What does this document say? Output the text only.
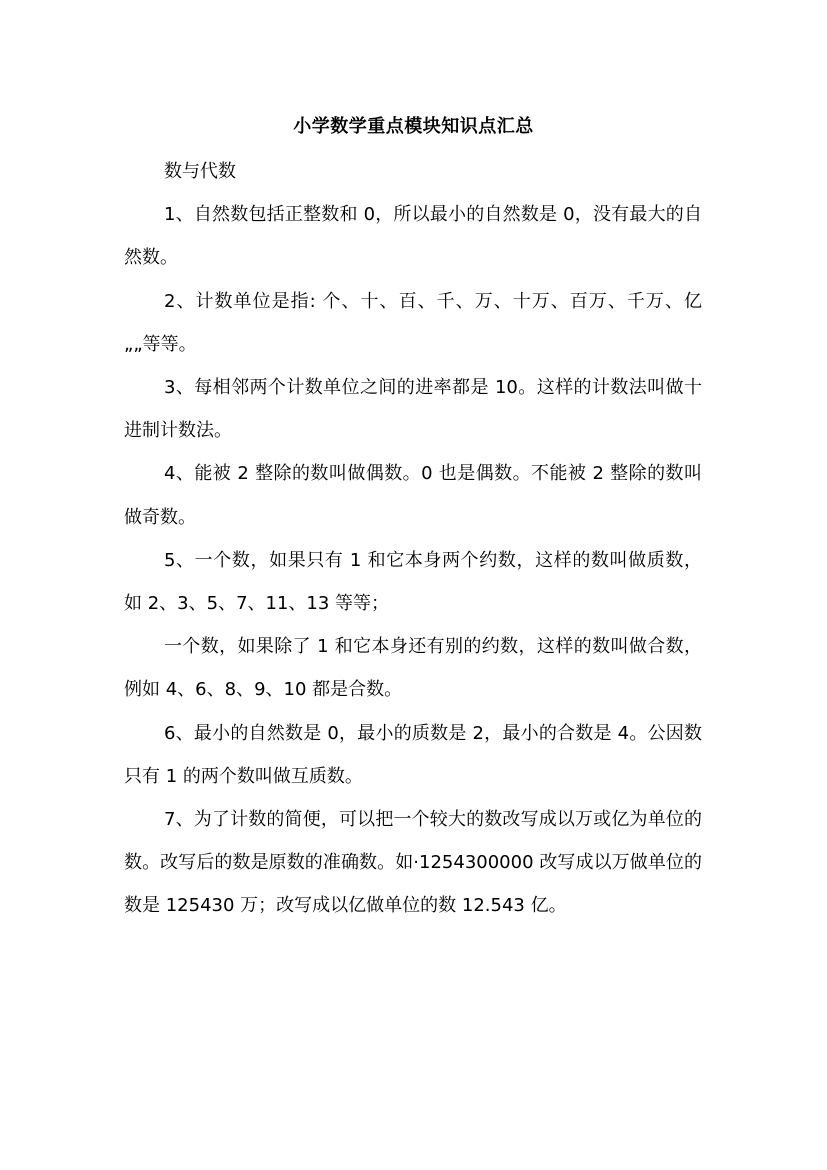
小学数学重点模块知识点汇总

数与代数

1、自然数包括正整数和 0，所以最小的自然数是 0，没有最大的自然数。

2、计数单位是指: 个、十、百、千、万、十万、百万、千万、亿„„等等。

3、每相邻两个计数单位之间的进率都是 10。这样的计数法叫做十进制计数法。

4、能被 2 整除的数叫做偶数。0 也是偶数。不能被 2 整除的数叫做奇数。

5、一个数，如果只有 1 和它本身两个约数，这样的数叫做质数，如 2、3、5、7、11、13 等等；

一个数，如果除了 1 和它本身还有别的约数，这样的数叫做合数，例如 4、6、8、9、10 都是合数。

6、最小的自然数是 0，最小的质数是 2，最小的合数是 4。公因数只有 1 的两个数叫做互质数。

7、为了计数的简便，可以把一个较大的数改写成以万或亿为单位的数。改写后的数是原数的准确数。如·1254300000 改写成以万做单位的数是 125430 万；改写成以亿做单位的数 12.543 亿。
